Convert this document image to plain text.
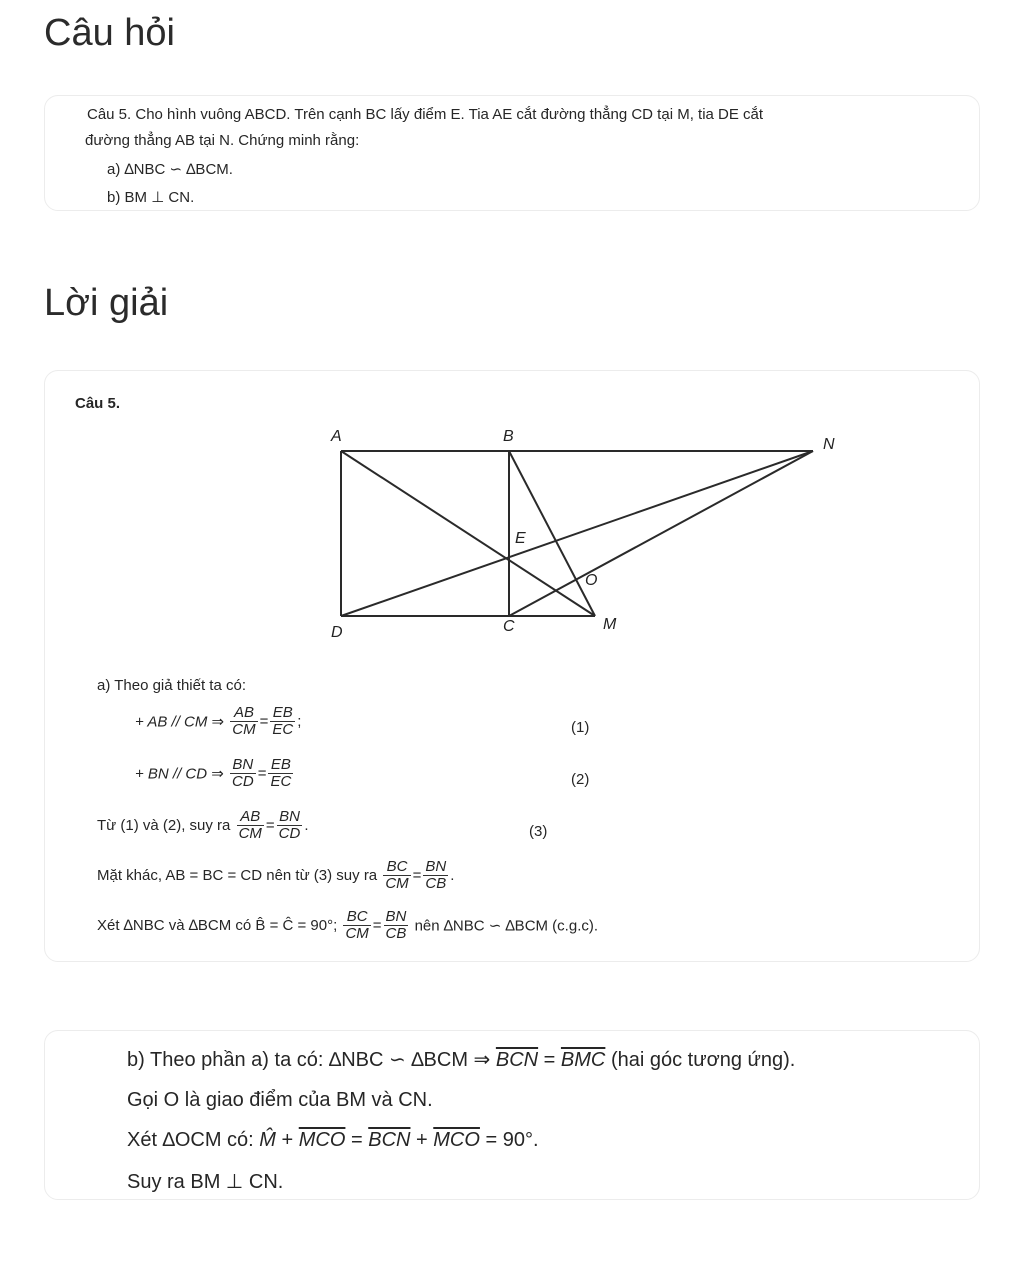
Câu hỏi
Lời giải
Câu 5. Cho hình vuông ABCD. Trên cạnh BC lấy điểm E. Tia AE cắt đường thẳng CD tại M, tia DE cắt
đường thẳng AB tại N. Chứng minh rằng:
a) ∆NBC ∽ ∆BCM.
b) BM ⊥ CN.
Câu 5.
A	B	N
E
O
D	C	M
a) Theo giả thiết ta có:
+ AB // CM ⇒ $\frac{AB}{CM} = \frac{EB}{EC}$ ;	(1)
+ BN // CD ⇒ $\frac{BN}{CD} = \frac{EB}{EC}$	(2)
Từ (1) và (2), suy ra $\frac{AB}{CM} = \frac{BN}{CD}$ .	(3)
Mặt khác, AB = BC = CD nên từ (3) suy ra $\frac{BC}{CM} = \frac{BN}{CB}$ .
Xét ∆NBC và ∆BCM có B̂ = Ĉ = 90°; $\frac{BC}{CM} = \frac{BN}{CB}$ nên ∆NBC ∽ ∆BCM (c.g.c).
b) Theo phần a) ta có: ∆NBC ∽ ∆BCM ⇒ $\overline{BCN} = \overline{BMC}$ (hai góc tương ứng).
Gọi O là giao điểm của BM và CN.
Xét ∆OCM có: M̂ + $\overline{MCO} = \overline{BCN} + \overline{MCO} = 90^\circ$.
Suy ra BM ⊥ CN.
